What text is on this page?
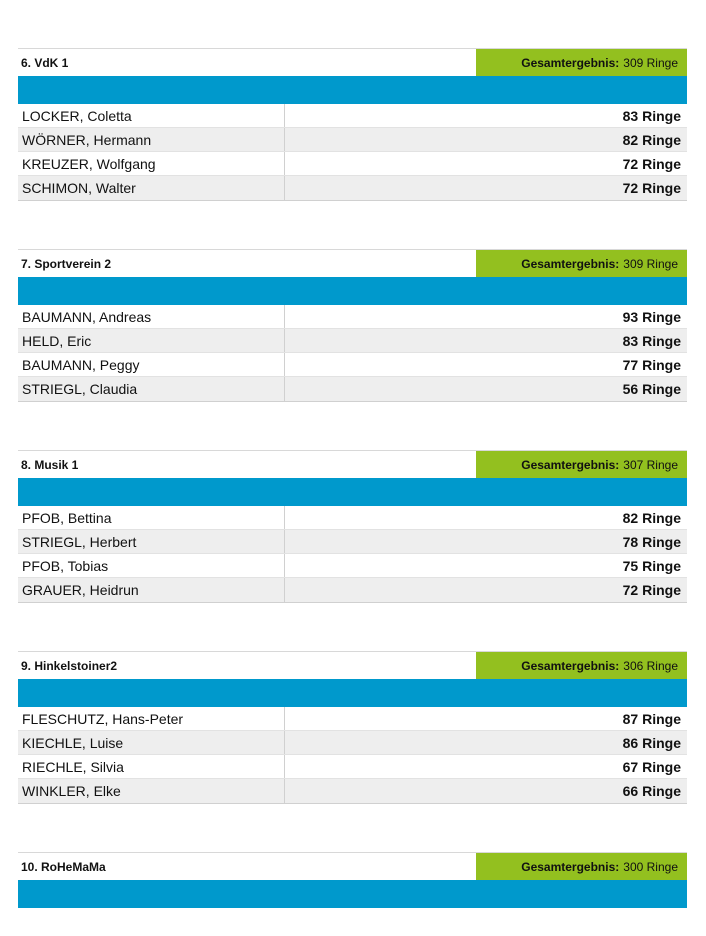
6. VdK 1	Gesamtergebnis: 309 Ringe
LOCKER, Coletta	83 Ringe
WÖRNER, Hermann	82 Ringe
KREUZER, Wolfgang	72 Ringe
SCHIMON, Walter	72 Ringe
7. Sportverein 2	Gesamtergebnis: 309 Ringe
BAUMANN, Andreas	93 Ringe
HELD, Eric	83 Ringe
BAUMANN, Peggy	77 Ringe
STRIEGL, Claudia	56 Ringe
8. Musik 1	Gesamtergebnis: 307 Ringe
PFOB, Bettina	82 Ringe
STRIEGL, Herbert	78 Ringe
PFOB, Tobias	75 Ringe
GRAUER, Heidrun	72 Ringe
9. Hinkelstoiner2	Gesamtergebnis: 306 Ringe
FLESCHUTZ, Hans-Peter	87 Ringe
KIECHLE, Luise	86 Ringe
RIECHLE, Silvia	67 Ringe
WINKLER, Elke	66 Ringe
10. RoHeMaMa	Gesamtergebnis: 300 Ringe
